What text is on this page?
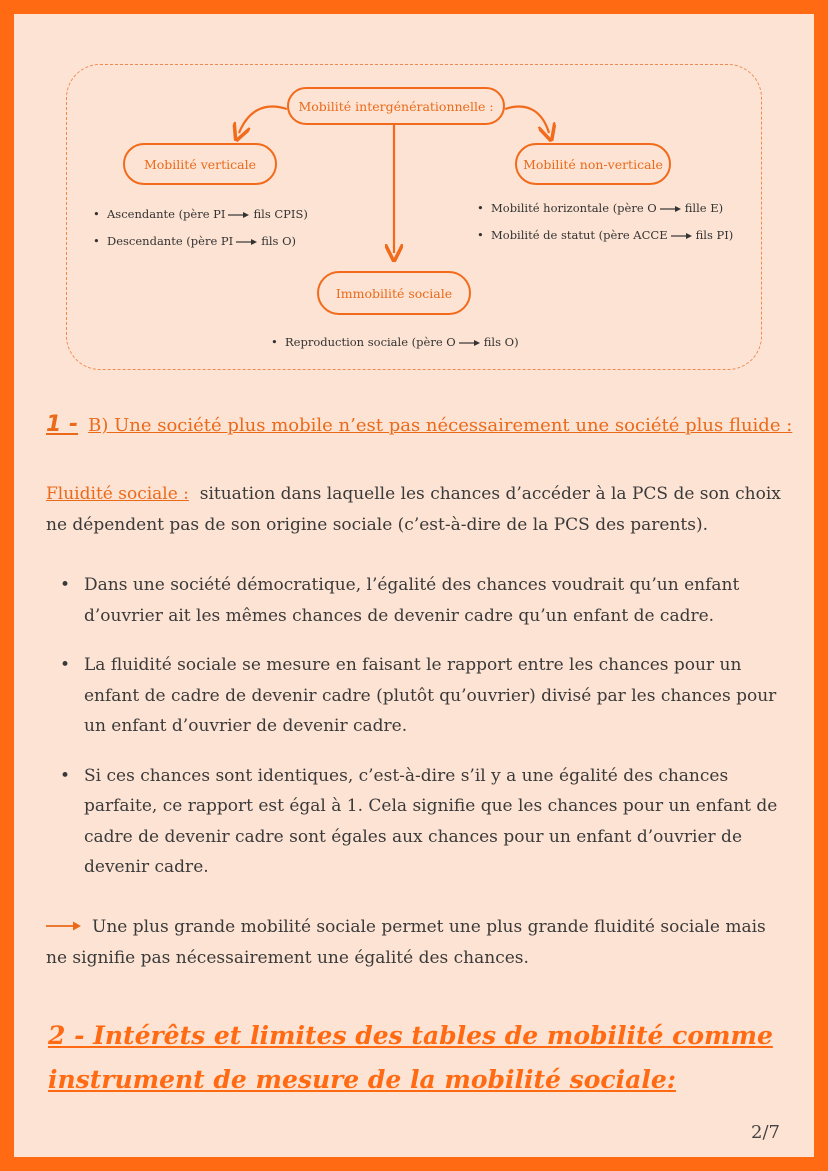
Mobilité intergénérationnelle :
Mobilité verticale	Mobilité non-verticale
Immobilité sociale
• Ascendante (père PI fils CPIS)
• Descendante (père PI fils O)
• Mobilité horizontale (père O fille E)
• Mobilité de statut (père ACCE fils PI)
• Reproduction sociale (père O fils O)
1 - B) Une société plus mobile n’est pas nécessairement une société plus fluide :
Fluidité sociale : situation dans laquelle les chances d’accéder à la PCS de son choix ne dépendent pas de son origine sociale (c’est-à-dire de la PCS des parents).
• Dans une société démocratique, l’égalité des chances voudrait qu’un enfant d’ouvrier ait les mêmes chances de devenir cadre qu’un enfant de cadre.
• La fluidité sociale se mesure en faisant le rapport entre les chances pour un enfant de cadre de devenir cadre (plutôt qu’ouvrier) divisé par les chances pour un enfant d’ouvrier de devenir cadre.
• Si ces chances sont identiques, c’est-à-dire s’il y a une égalité des chances parfaite, ce rapport est égal à 1. Cela signifie que les chances pour un enfant de cadre de devenir cadre sont égales aux chances pour un enfant d’ouvrier de devenir cadre.
Une plus grande mobilité sociale permet une plus grande fluidité sociale mais ne signifie pas nécessairement une égalité des chances.
2 - Intérêts et limites des tables de mobilité comme instrument de mesure de la mobilité sociale:
2/7
